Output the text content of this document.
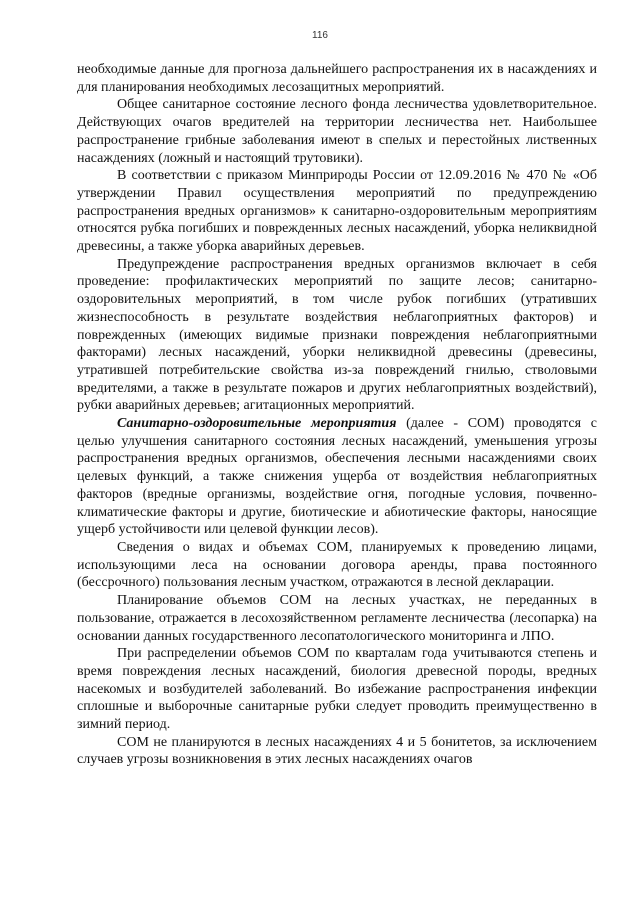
116

необходимые данные для прогноза дальнейшего распространения их в насаждениях и для планирования необходимых лесозащитных мероприятий.

Общее санитарное состояние лесного фонда лесничества удовлетворительное. Действующих очагов вредителей на территории лесничества нет. Наибольшее распространение грибные заболевания имеют в спелых и перестойных лиственных насаждениях (ложный и настоящий трутовики).

В соответствии с приказом Минприроды России от 12.09.2016 № 470 № «Об утверждении Правил осуществления мероприятий по предупреждению распространения вредных организмов» к санитарно-оздоровительным мероприятиям относятся рубка погибших и поврежденных лесных насаждений, уборка неликвидной древесины, а также уборка аварийных деревьев.

Предупреждение распространения вредных организмов включает в себя проведение: профилактических мероприятий по защите лесов; санитарно-оздоровительных мероприятий, в том числе рубок погибших (утративших жизнеспособность в результате воздействия неблагоприятных факторов) и поврежденных (имеющих видимые признаки повреждения неблагоприятными факторами) лесных насаждений, уборки неликвидной древесины (древесины, утратившей потребительские свойства из-за повреждений гнилью, стволовыми вредителями, а также в результате пожаров и других неблагоприятных воздействий), рубки аварийных деревьев; агитационных мероприятий.

Санитарно-оздоровительные мероприятия (далее - СОМ) проводятся с целью улучшения санитарного состояния лесных насаждений, уменьшения угрозы распространения вредных организмов, обеспечения лесными насаждениями своих целевых функций, а также снижения ущерба от воздействия неблагоприятных факторов (вредные организмы, воздействие огня, погодные условия, почвенно-климатические факторы и другие, биотические и абиотические факторы, наносящие ущерб устойчивости или целевой функции лесов).

Сведения о видах и объемах СОМ, планируемых к проведению лицами, использующими леса на основании договора аренды, права постоянного (бессрочного) пользования лесным участком, отражаются в лесной декларации.

Планирование объемов СОМ на лесных участках, не переданных в пользование, отражается в лесохозяйственном регламенте лесничества (лесопарка) на основании данных государственного лесопатологического мониторинга и ЛПО.

При распределении объемов СОМ по кварталам года учитываются степень и время повреждения лесных насаждений, биология древесной породы, вредных насекомых и возбудителей заболеваний. Во избежание распространения инфекции сплошные и выборочные санитарные рубки следует проводить преимущественно в зимний период.

СОМ не планируются в лесных насаждениях 4 и 5 бонитетов, за исключением случаев угрозы возникновения в этих лесных насаждениях очагов
